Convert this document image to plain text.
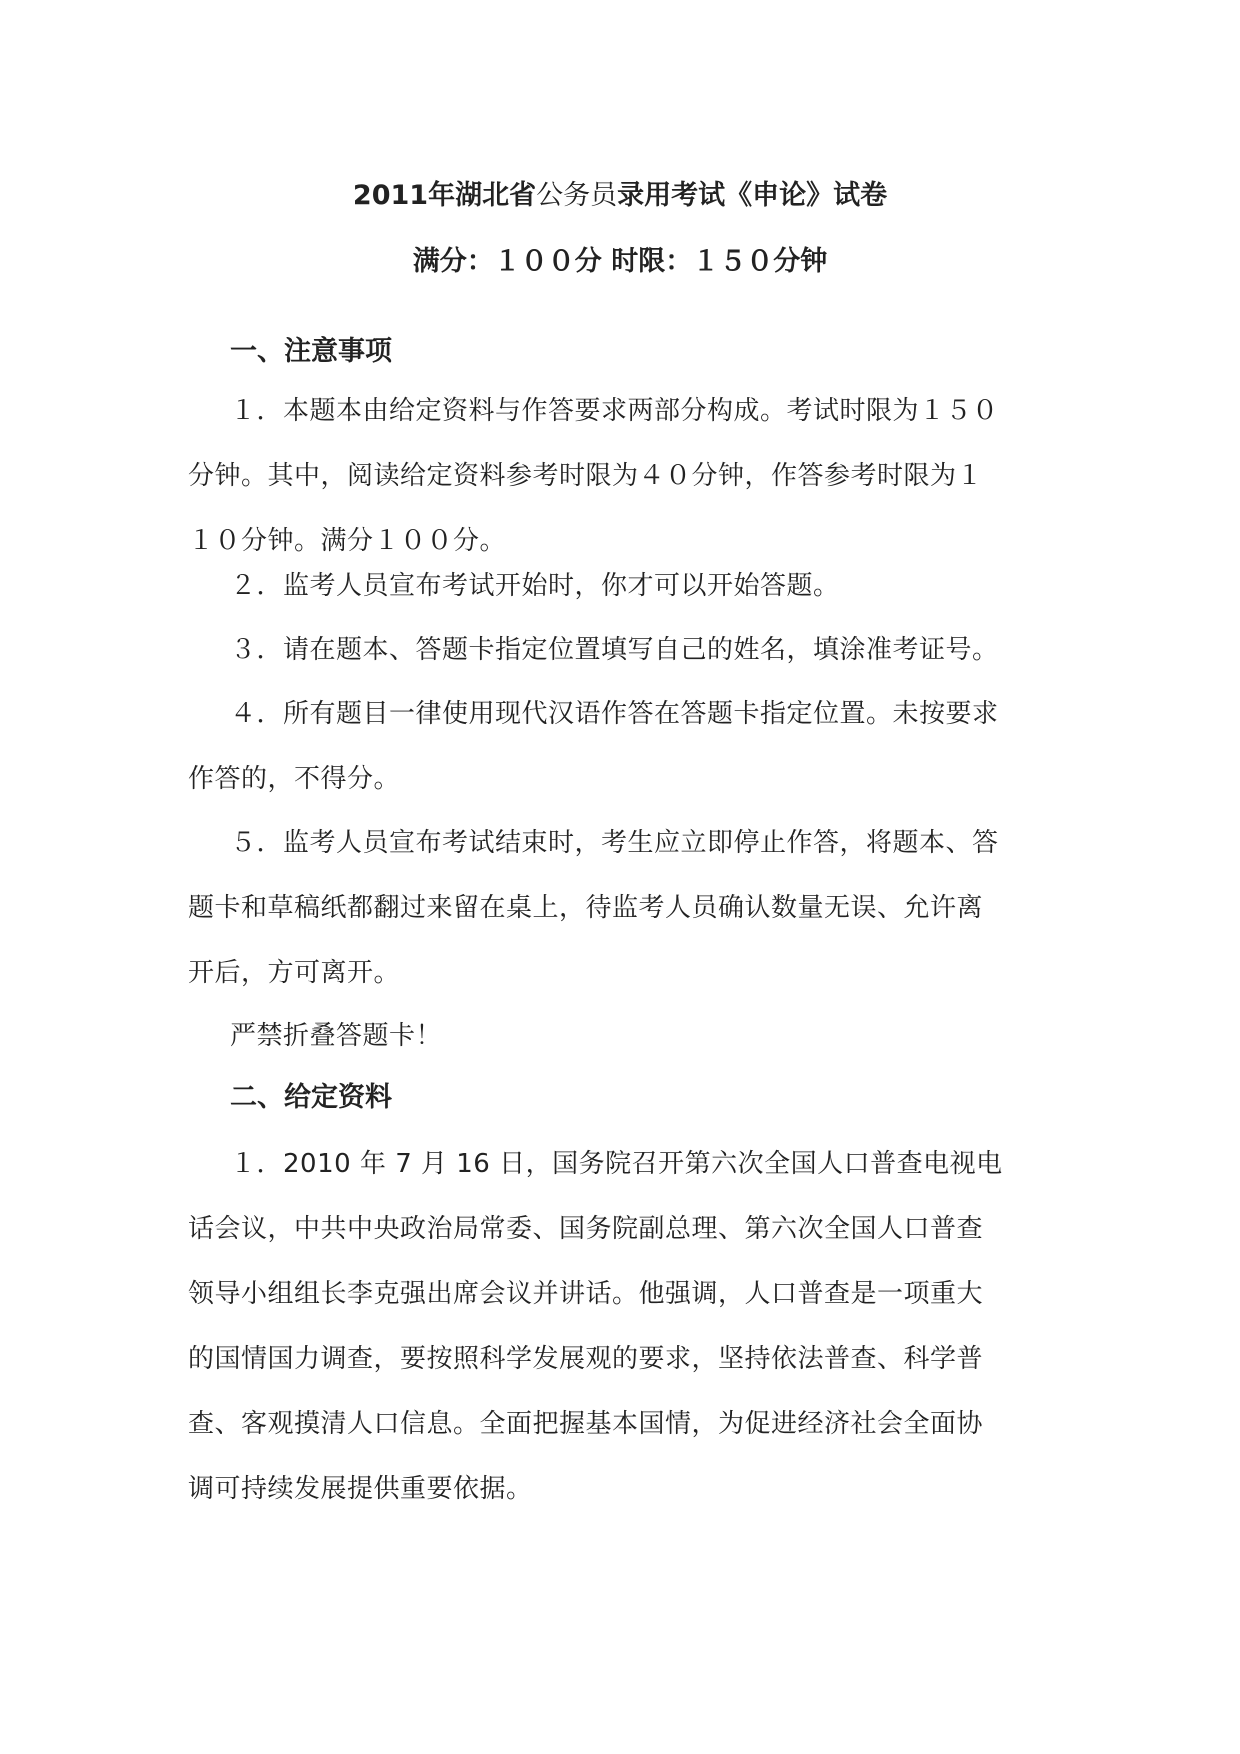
2011年湖北省公务员录用考试《申论》试卷

满分：１００分 时限：１５０分钟

一、注意事项

１．本题本由给定资料与作答要求两部分构成。考试时限为１５０
分钟。其中，阅读给定资料参考时限为４０分钟，作答参考时限为１
１０分钟。满分１００分。

２．监考人员宣布考试开始时，你才可以开始答题。

３．请在题本、答题卡指定位置填写自己的姓名，填涂准考证号。

４．所有题目一律使用现代汉语作答在答题卡指定位置。未按要求
作答的，不得分。

５．监考人员宣布考试结束时，考生应立即停止作答，将题本、答
题卡和草稿纸都翻过来留在桌上，待监考人员确认数量无误、允许离
开后，方可离开。

严禁折叠答题卡！

二、给定资料

１．2010 年 7 月 16 日，国务院召开第六次全国人口普查电视电
话会议，中共中央政治局常委、国务院副总理、第六次全国人口普查
领导小组组长李克强出席会议并讲话。他强调，人口普查是一项重大
的国情国力调查，要按照科学发展观的要求，坚持依法普查、科学普
查、客观摸清人口信息。全面把握基本国情，为促进经济社会全面协
调可持续发展提供重要依据。
